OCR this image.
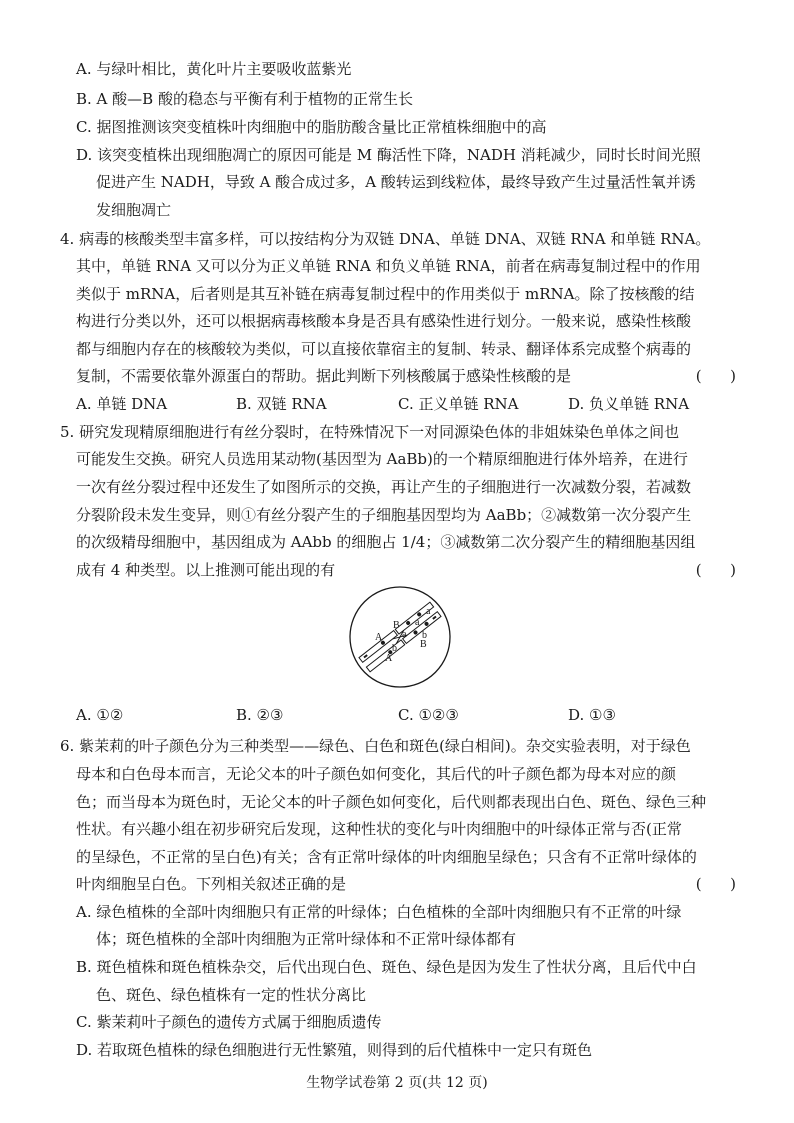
A. 与绿叶相比，黄化叶片主要吸收蓝紫光
B. A 酸—B 酸的稳态与平衡有利于植物的正常生长
C. 据图推测该突变植株叶肉细胞中的脂肪酸含量比正常植株细胞中的高
D. 该突变植株出现细胞凋亡的原因可能是 M 酶活性下降，NADH 消耗减少，同时长时间光照
促进产生 NADH，导致 A 酸合成过多，A 酸转运到线粒体，最终导致产生过量活性氧并诱
发细胞凋亡
4. 病毒的核酸类型丰富多样，可以按结构分为双链 DNA、单链 DNA、双链 RNA 和单链 RNA。
其中，单链 RNA 又可以分为正义单链 RNA 和负义单链 RNA，前者在病毒复制过程中的作用
类似于 mRNA，后者则是其互补链在病毒复制过程中的作用类似于 mRNA。除了按核酸的结
构进行分类以外，还可以根据病毒核酸本身是否具有感染性进行划分。一般来说，感染性核酸
都与细胞内存在的核酸较为类似，可以直接依靠宿主的复制、转录、翻译体系完成整个病毒的
复制，不需要依靠外源蛋白的帮助。据此判断下列核酸属于感染性核酸的是	(      )
A. 单链 DNA	B. 双链 RNA	C. 正义单链 RNA	D. 负义单链 RNA
5. 研究发现精原细胞进行有丝分裂时，在特殊情况下一对同源染色体的非姐妹染色单体之间也
可能发生交换。研究人员选用某动物(基因型为 AaBb)的一个精原细胞进行体外培养，在进行
一次有丝分裂过程中还发生了如图所示的交换，再让产生的子细胞进行一次减数分裂，若减数
分裂阶段未发生变异，则①有丝分裂产生的子细胞基因型均为 AaBb；②减数第一次分裂产生
的次级精母细胞中，基因组成为 AAbb 的细胞占 1/4；③减数第二次分裂产生的精细胞基因组
成有 4 种类型。以上推测可能出现的有	(      )
A
B
a
b
A
b
a
B
a
A. ①②	B. ②③	C. ①②③	D. ①③
6. 紫茉莉的叶子颜色分为三种类型——绿色、白色和斑色(绿白相间)。杂交实验表明，对于绿色
母本和白色母本而言，无论父本的叶子颜色如何变化，其后代的叶子颜色都为母本对应的颜
色；而当母本为斑色时，无论父本的叶子颜色如何变化，后代则都表现出白色、斑色、绿色三种
性状。有兴趣小组在初步研究后发现，这种性状的变化与叶肉细胞中的叶绿体正常与否(正常
的呈绿色，不正常的呈白色)有关；含有正常叶绿体的叶肉细胞呈绿色；只含有不正常叶绿体的
叶肉细胞呈白色。下列相关叙述正确的是	(      )
A. 绿色植株的全部叶肉细胞只有正常的叶绿体；白色植株的全部叶肉细胞只有不正常的叶绿
体；斑色植株的全部叶肉细胞为正常叶绿体和不正常叶绿体都有
B. 斑色植株和斑色植株杂交，后代出现白色、斑色、绿色是因为发生了性状分离，且后代中白
色、斑色、绿色植株有一定的性状分离比
C. 紫茉莉叶子颜色的遗传方式属于细胞质遗传
D. 若取斑色植株的绿色细胞进行无性繁殖，则得到的后代植株中一定只有斑色
生物学试卷第 2 页(共 12 页)
